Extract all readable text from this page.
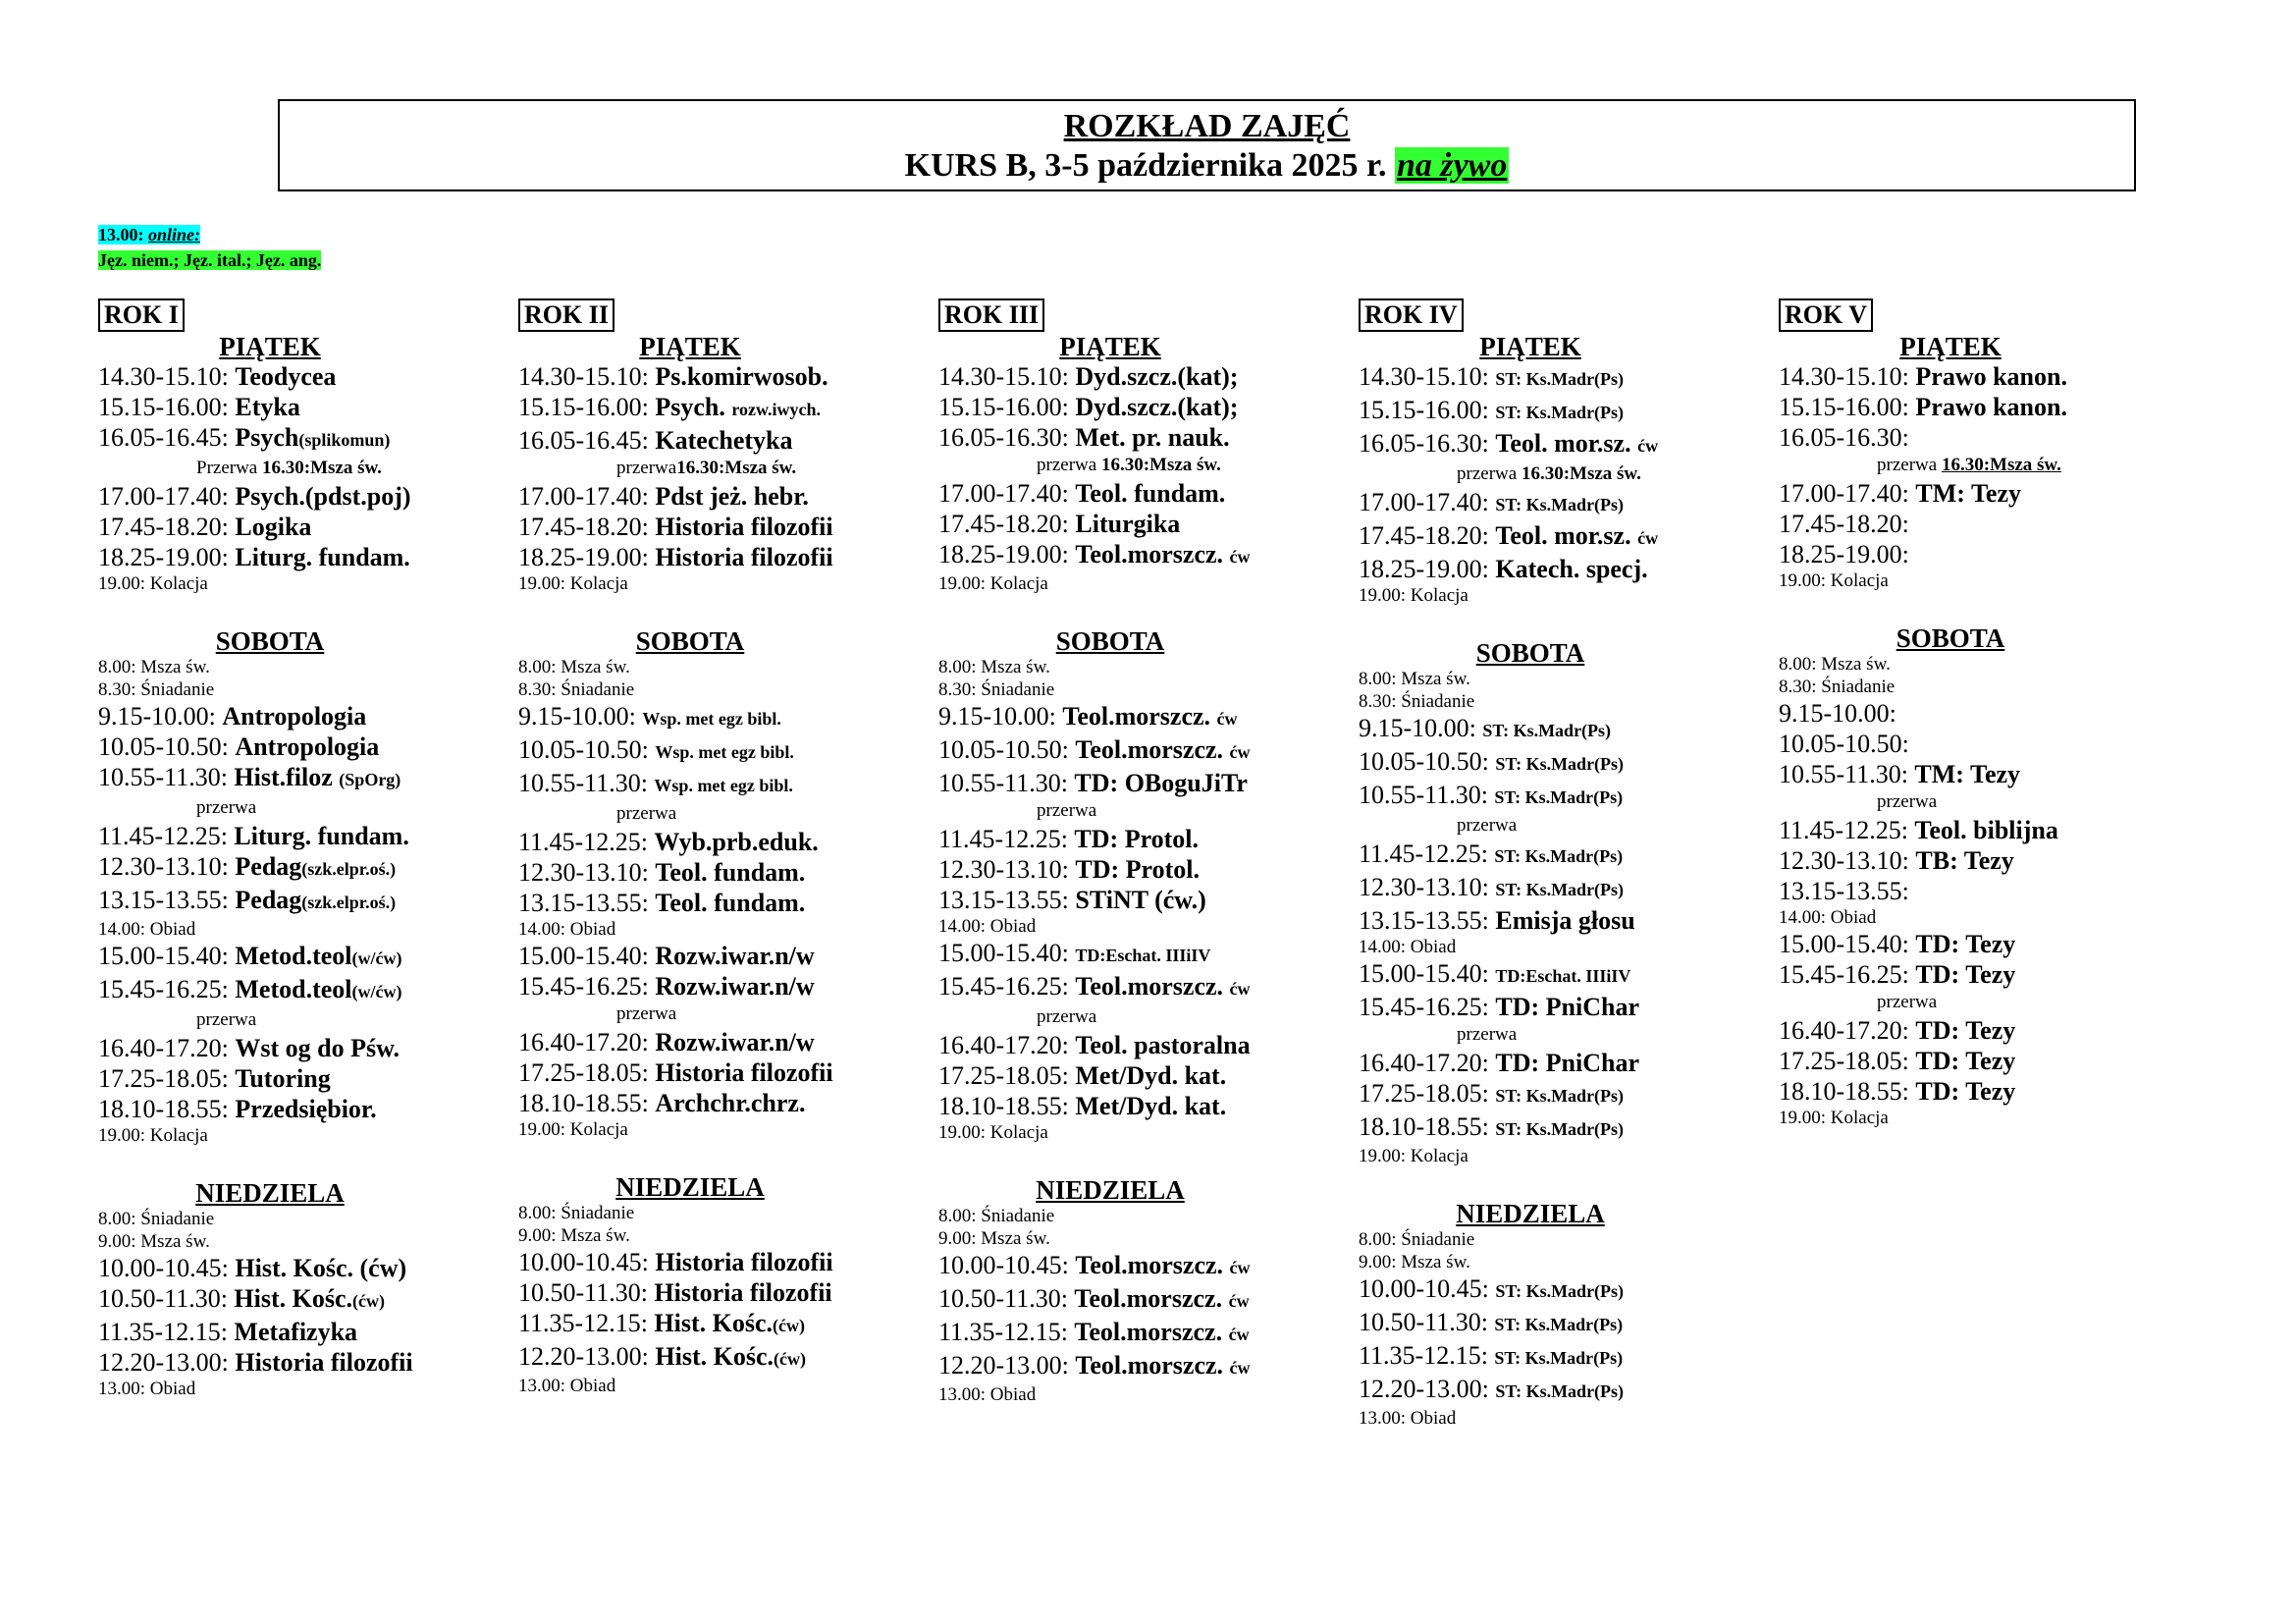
ROZKŁAD ZAJĘĆ
KURS B, 3-5 października 2025 r. na żywo
13.00: online:
Jęz. niem.; Jęz. ital.; Jęz. ang.
ROK I
PIĄTEK
14.30-15.10: Teodycea
15.15-16.00: Etyka
16.05-16.45: Psych(splikomun)
Przerwa 16.30:Msza św.
17.00-17.40: Psych.(pdst.poj)
17.45-18.20: Logika
18.25-19.00: Liturg. fundam.
19.00: Kolacja
SOBOTA
8.00: Msza św.
8.30: Śniadanie
9.15-10.00: Antropologia
10.05-10.50: Antropologia
10.55-11.30: Hist.filoz (SpOrg)
przerwa
11.45-12.25: Liturg. fundam.
12.30-13.10: Pedag(szk.elpr.oś.)
13.15-13.55: Pedag(szk.elpr.oś.)
14.00: Obiad
15.00-15.40: Metod.teol(w/ćw)
15.45-16.25: Metod.teol(w/ćw)
przerwa
16.40-17.20: Wst og do Pśw.
17.25-18.05: Tutoring
18.10-18.55: Przedsiębior.
19.00: Kolacja
NIEDZIELA
8.00: Śniadanie
9.00: Msza św.
10.00-10.45: Hist. Kośc. (ćw)
10.50-11.30: Hist. Kośc.(ćw)
11.35-12.15: Metafizyka
12.20-13.00: Historia filozofii
13.00: Obiad
ROK II
PIĄTEK
14.30-15.10: Ps.komirwosob.
15.15-16.00: Psych. rozw.iwych.
16.05-16.45: Katechetyka
przerwa16.30:Msza św.
17.00-17.40: Pdst jeż. hebr.
17.45-18.20: Historia filozofii
18.25-19.00: Historia filozofii
19.00: Kolacja
SOBOTA
8.00: Msza św.
8.30: Śniadanie
9.15-10.00: Wsp. met egz bibl.
10.05-10.50: Wsp. met egz bibl.
10.55-11.30: Wsp. met egz bibl.
przerwa
11.45-12.25: Wyb.prb.eduk.
12.30-13.10: Teol. fundam.
13.15-13.55: Teol. fundam.
14.00: Obiad
15.00-15.40: Rozw.iwar.n/w
15.45-16.25: Rozw.iwar.n/w
przerwa
16.40-17.20: Rozw.iwar.n/w
17.25-18.05: Historia filozofii
18.10-18.55: Archchr.chrz.
19.00: Kolacja
NIEDZIELA
8.00: Śniadanie
9.00: Msza św.
10.00-10.45: Historia filozofii
10.50-11.30: Historia filozofii
11.35-12.15: Hist. Kośc.(ćw)
12.20-13.00: Hist. Kośc.(ćw)
13.00: Obiad
ROK III
PIĄTEK
14.30-15.10: Dyd.szcz.(kat);
15.15-16.00: Dyd.szcz.(kat);
16.05-16.30: Met. pr. nauk.
przerwa 16.30:Msza św.
17.00-17.40: Teol. fundam.
17.45-18.20: Liturgika
18.25-19.00: Teol.morszcz. ćw
19.00: Kolacja
SOBOTA
8.00: Msza św.
8.30: Śniadanie
9.15-10.00: Teol.morszcz. ćw
10.05-10.50: Teol.morszcz. ćw
10.55-11.30: TD: OBoguJiTr
przerwa
11.45-12.25: TD: Protol.
12.30-13.10: TD: Protol.
13.15-13.55: STiNT (ćw.)
14.00: Obiad
15.00-15.40: TD:Eschat. IIIiIV
15.45-16.25: Teol.morszcz. ćw
przerwa
16.40-17.20: Teol. pastoralna
17.25-18.05: Met/Dyd. kat.
18.10-18.55: Met/Dyd. kat.
19.00: Kolacja
NIEDZIELA
8.00: Śniadanie
9.00: Msza św.
10.00-10.45: Teol.morszcz. ćw
10.50-11.30: Teol.morszcz. ćw
11.35-12.15: Teol.morszcz. ćw
12.20-13.00: Teol.morszcz. ćw
13.00: Obiad
ROK IV
PIĄTEK
14.30-15.10: ST: Ks.Madr(Ps)
15.15-16.00: ST: Ks.Madr(Ps)
16.05-16.30: Teol. mor.sz. ćw
przerwa 16.30:Msza św.
17.00-17.40: ST: Ks.Madr(Ps)
17.45-18.20: Teol. mor.sz. ćw
18.25-19.00: Katech. specj.
19.00: Kolacja
SOBOTA
8.00: Msza św.
8.30: Śniadanie
9.15-10.00: ST: Ks.Madr(Ps)
10.05-10.50: ST: Ks.Madr(Ps)
10.55-11.30: ST: Ks.Madr(Ps)
przerwa
11.45-12.25: ST: Ks.Madr(Ps)
12.30-13.10: ST: Ks.Madr(Ps)
13.15-13.55: Emisja głosu
14.00: Obiad
15.00-15.40: TD:Eschat. IIIiIV
15.45-16.25: TD: PniChar
przerwa
16.40-17.20: TD: PniChar
17.25-18.05: ST: Ks.Madr(Ps)
18.10-18.55: ST: Ks.Madr(Ps)
19.00: Kolacja
NIEDZIELA
8.00: Śniadanie
9.00: Msza św.
10.00-10.45: ST: Ks.Madr(Ps)
10.50-11.30: ST: Ks.Madr(Ps)
11.35-12.15: ST: Ks.Madr(Ps)
12.20-13.00: ST: Ks.Madr(Ps)
13.00: Obiad
ROK V
PIĄTEK
14.30-15.10: Prawo kanon.
15.15-16.00: Prawo kanon.
16.05-16.30:
przerwa 16.30:Msza św.
17.00-17.40: TM: Tezy
17.45-18.20:
18.25-19.00:
19.00: Kolacja
SOBOTA
8.00: Msza św.
8.30: Śniadanie
9.15-10.00:
10.05-10.50:
10.55-11.30: TM: Tezy
przerwa
11.45-12.25: Teol. biblijna
12.30-13.10: TB: Tezy
13.15-13.55:
14.00: Obiad
15.00-15.40: TD: Tezy
15.45-16.25: TD: Tezy
przerwa
16.40-17.20: TD: Tezy
17.25-18.05: TD: Tezy
18.10-18.55: TD: Tezy
19.00: Kolacja
